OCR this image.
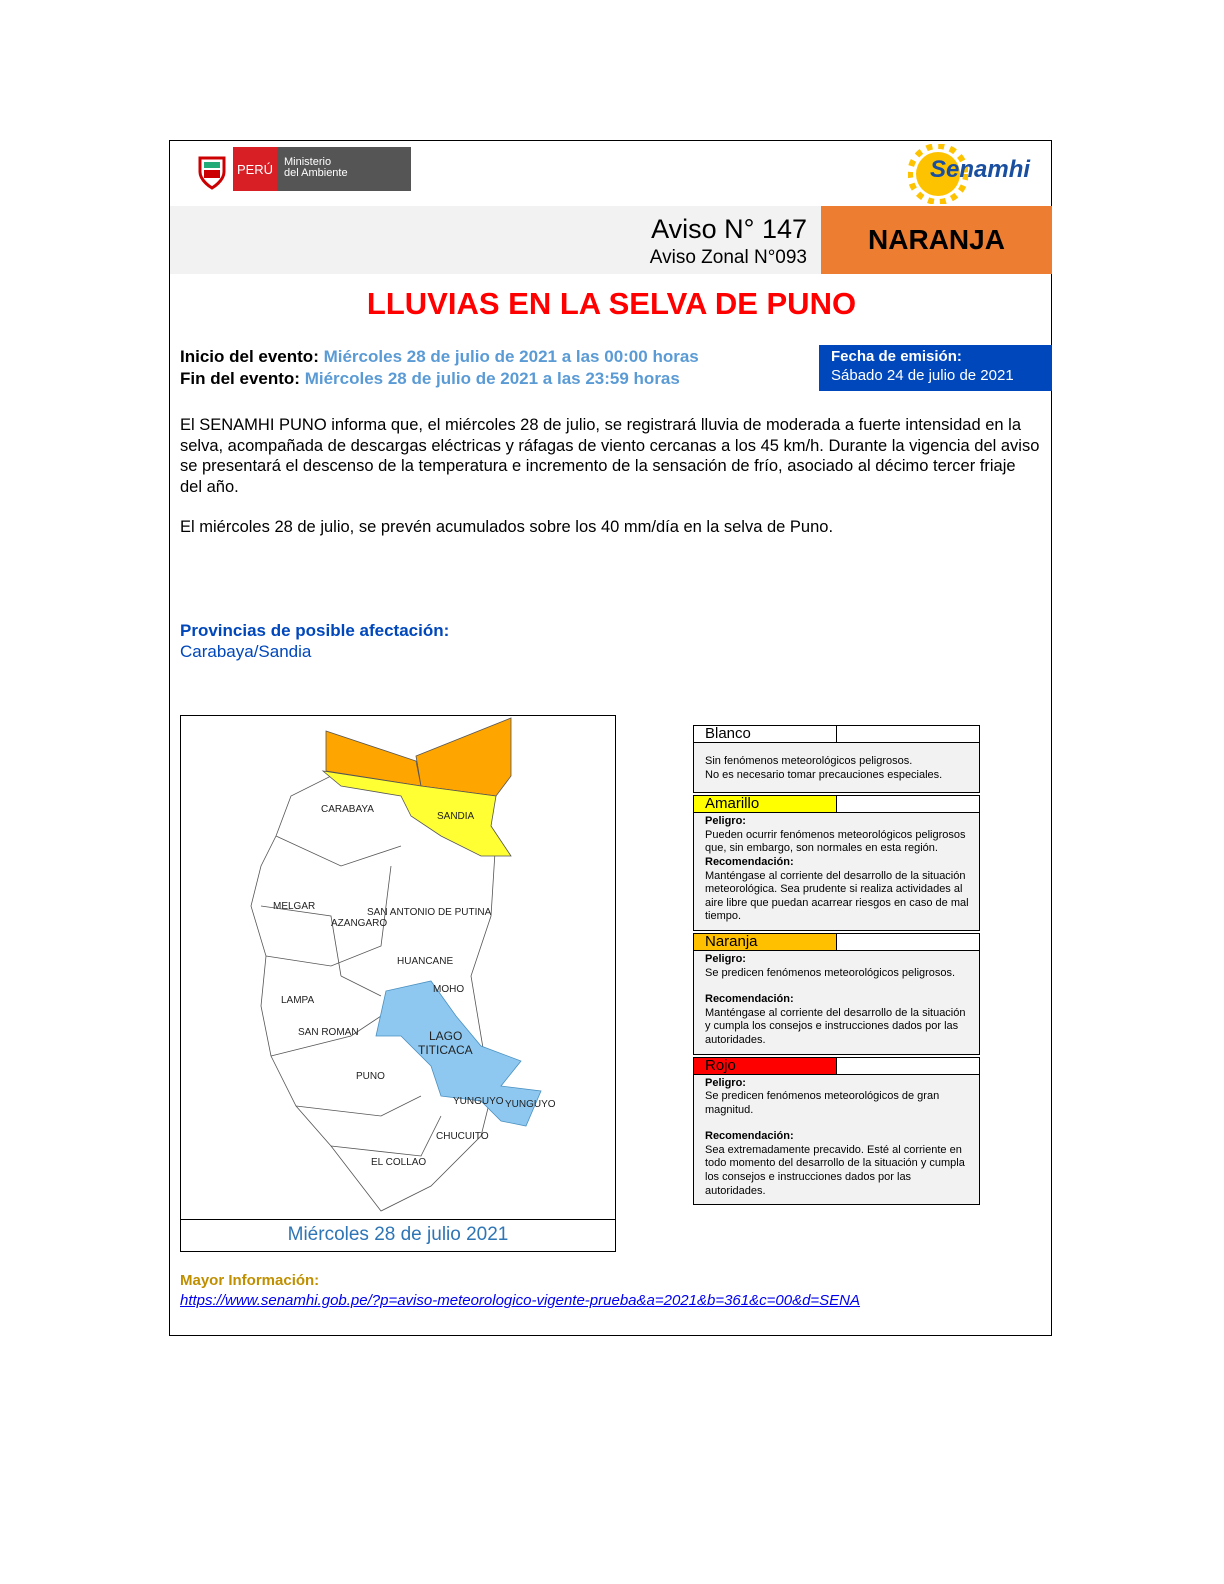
PERÚ Ministerio
del Ambiente	Senamhi
Aviso N° 147
Aviso Zonal N°093
NARANJA
LLUVIAS EN LA SELVA DE PUNO
Inicio del evento: Miércoles 28 de julio de 2021 a las 00:00 horas
Fin del evento: Miércoles 28 de julio de 2021 a las 23:59 horas
Fecha de emisión:
Sábado 24 de julio de 2021
El SENAMHI PUNO informa que, el miércoles 28 de julio, se registrará lluvia de moderada a fuerte intensidad en la selva, acompañada de descargas eléctricas y ráfagas de viento cercanas a los 45 km/h. Durante la vigencia del aviso se presentará el descenso de la temperatura e incremento de la sensación de frío, asociado al décimo tercer friaje del año.
El miércoles 28 de julio, se prevén acumulados sobre los 40 mm/día en la selva de Puno.
Provincias de posible afectación:
Carabaya/Sandia
CARABAYA
SANDIA
MELGAR
AZANGARO
SAN ANTONIO DE PUTINA
HUANCANE
MOHO
LAMPA
SAN ROMAN	LAGO
TITICACA
PUNO
YUNGUYO YUNGUYO
CHUCUITO
EL COLLAO
Miércoles 28 de julio 2021
Blanco
Sin fenómenos meteorológicos peligrosos.
No es necesario tomar precauciones especiales.
Amarillo
Peligro:
Pueden ocurrir fenómenos meteorológicos peligrosos que, sin embargo, son normales en esta región.
Recomendación:
Manténgase al corriente del desarrollo de la situación meteorológica. Sea prudente si realiza actividades al aire libre que puedan acarrear riesgos en caso de mal tiempo.
Naranja
Peligro:
Se predicen fenómenos meteorológicos peligrosos.
Recomendación:
Manténgase al corriente del desarrollo de la situación y cumpla los consejos e instrucciones dados por las autoridades.
Rojo
Peligro:
Se predicen fenómenos meteorológicos de gran magnitud.
Recomendación:
Sea extremadamente precavido. Esté al corriente en todo momento del desarrollo de la situación y cumpla los consejos e instrucciones dados por las autoridades.
Mayor Información:
https://www.senamhi.gob.pe/?p=aviso-meteorologico-vigente-prueba&a=2021&b=361&c=00&d=SENA
